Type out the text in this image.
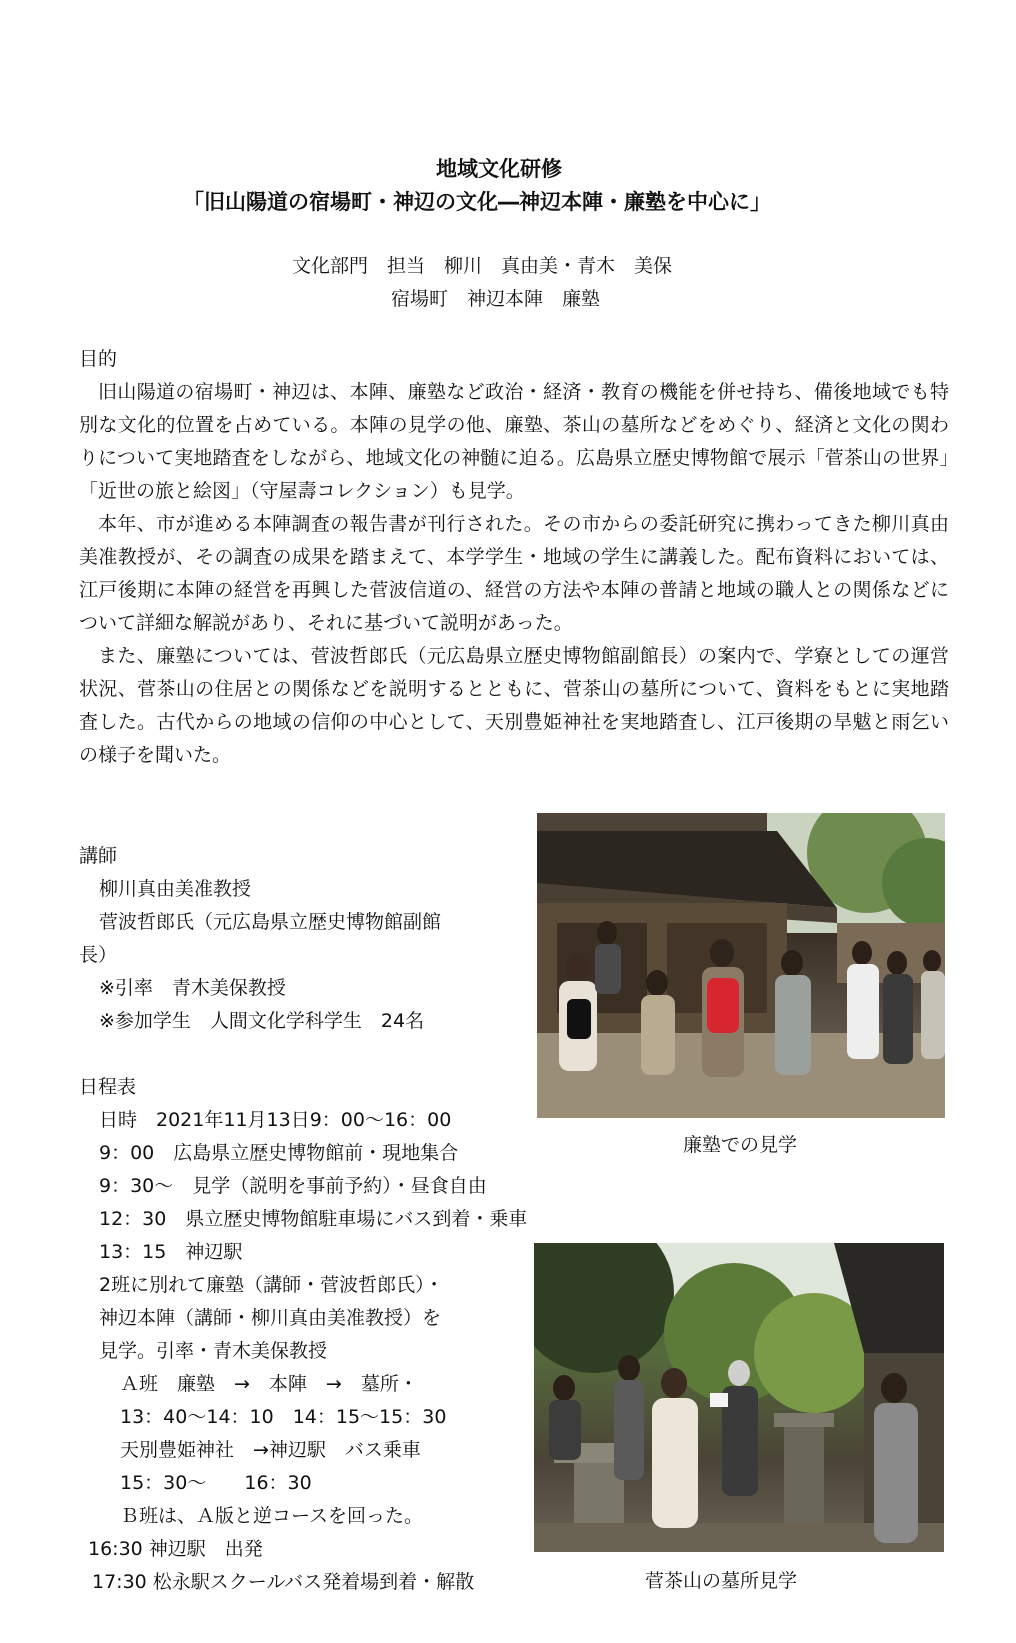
地域文化研修
「旧山陽道の宿場町・神辺の文化―神辺本陣・廉塾を中心に」
文化部門　担当　柳川　真由美・青木　美保
宿場町　神辺本陣　廉塾
目的

旧山陽道の宿場町・神辺は、本陣、廉塾など政治・経済・教育の機能を併せ持ち、備後地域でも特別な文化的位置を占めている。本陣の見学の他、廉塾、茶山の墓所などをめぐり、経済と文化の関わりについて実地踏査をしながら、地域文化の神髄に迫る。広島県立歴史博物館で展示「菅茶山の世界」「近世の旅と絵図」（守屋壽コレクション）も見学。

本年、市が進める本陣調査の報告書が刊行された。その市からの委託研究に携わってきた柳川真由美准教授が、その調査の成果を踏まえて、本学学生・地域の学生に講義した。配布資料においては、江戸後期に本陣の経営を再興した菅波信道の、経営の方法や本陣の普請と地域の職人との関係などについて詳細な解説があり、それに基づいて説明があった。

また、廉塾については、菅波哲郎氏（元広島県立歴史博物館副館長）の案内で、学寮としての運営状況、菅茶山の住居との関係などを説明するとともに、菅茶山の墓所について、資料をもとに実地踏査した。古代からの地域の信仰の中心として、天別豊姫神社を実地踏査し、江戸後期の旱魃と雨乞いの様子を聞いた。

講師
柳川真由美准教授
菅波哲郎氏（元広島県立歴史博物館副館
長）
※引率　青木美保教授
※参加学生　人間文化学科学生　24名
日程表
日時　2021年11月13日9：00～16：00
9：00　広島県立歴史博物館前・現地集合
9：30～　見学（説明を事前予約）・昼食自由
12：30　県立歴史博物館駐車場にバス到着・乗車
13：15　神辺駅
2班に別れて廉塾（講師・菅波哲郎氏）・
神辺本陣（講師・柳川真由美准教授）を
見学。引率・青木美保教授
Ａ班　廉塾　→　本陣　→　墓所・
13：40～14：10　14：15～15：30
天別豊姫神社　→神辺駅　バス乗車
15：30～　　16：30
Ｂ班は、Ａ版と逆コースを回った。
16:30 神辺駅　出発
17:30 松永駅スクールバス発着場到着・解散
廉塾での見学
菅茶山の墓所見学
